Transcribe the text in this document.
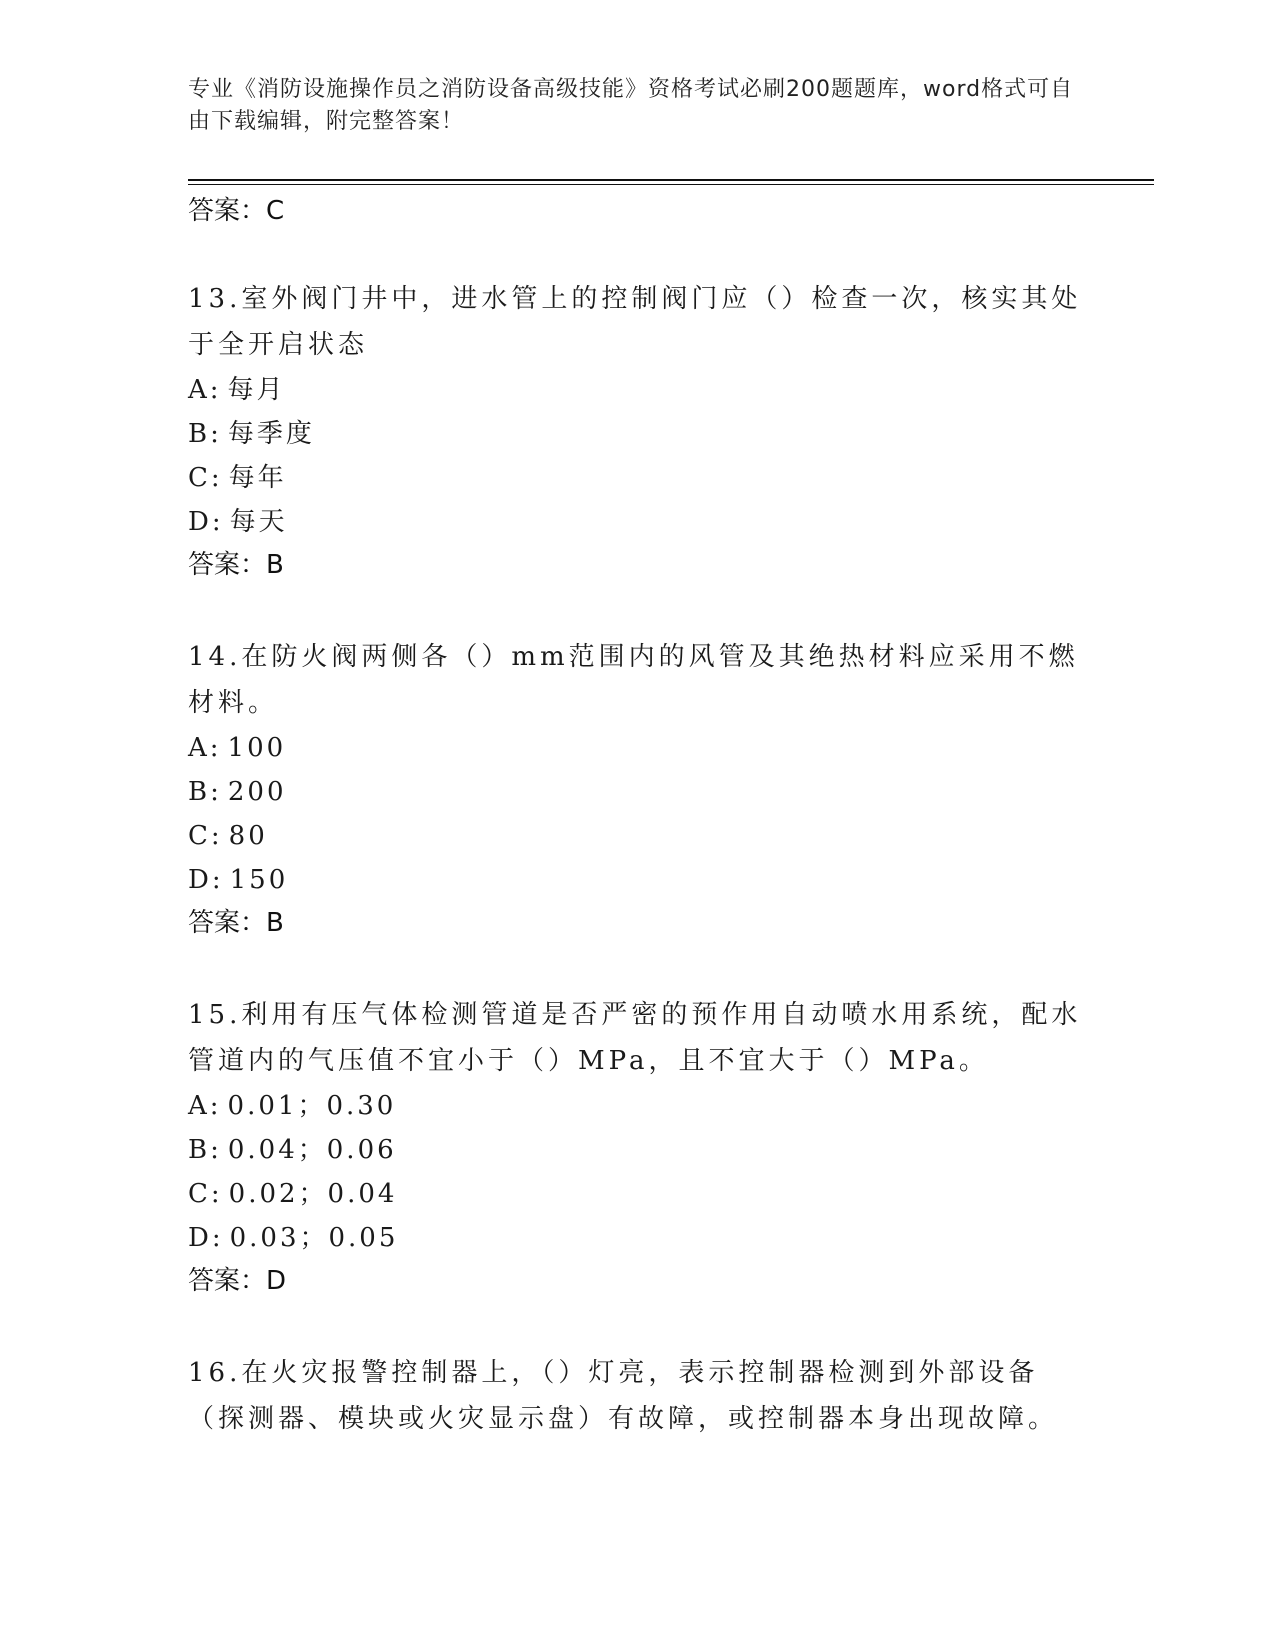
专业《消防设施操作员之消防设备高级技能》资格考试必刷200题题库，word格式可自由下载编辑，附完整答案！
答案：C
13.室外阀门井中，进水管上的控制阀门应（）检查一次，核实其处于全开启状态
A: 每月
B: 每季度
C: 每年
D: 每天
答案：B
14.在防火阀两侧各（）mm范围内的风管及其绝热材料应采用不燃材料。
A: 100
B: 200
C: 80
D: 150
答案：B
15.利用有压气体检测管道是否严密的预作用自动喷水用系统，配水管道内的气压值不宜小于（）MPa，且不宜大于（）MPa。
A: 0.01；0.30
B: 0.04；0.06
C: 0.02；0.04
D: 0.03；0.05
答案：D
16.在火灾报警控制器上，（）灯亮，表示控制器检测到外部设备（探测器、模块或火灾显示盘）有故障，或控制器本身出现故障。
